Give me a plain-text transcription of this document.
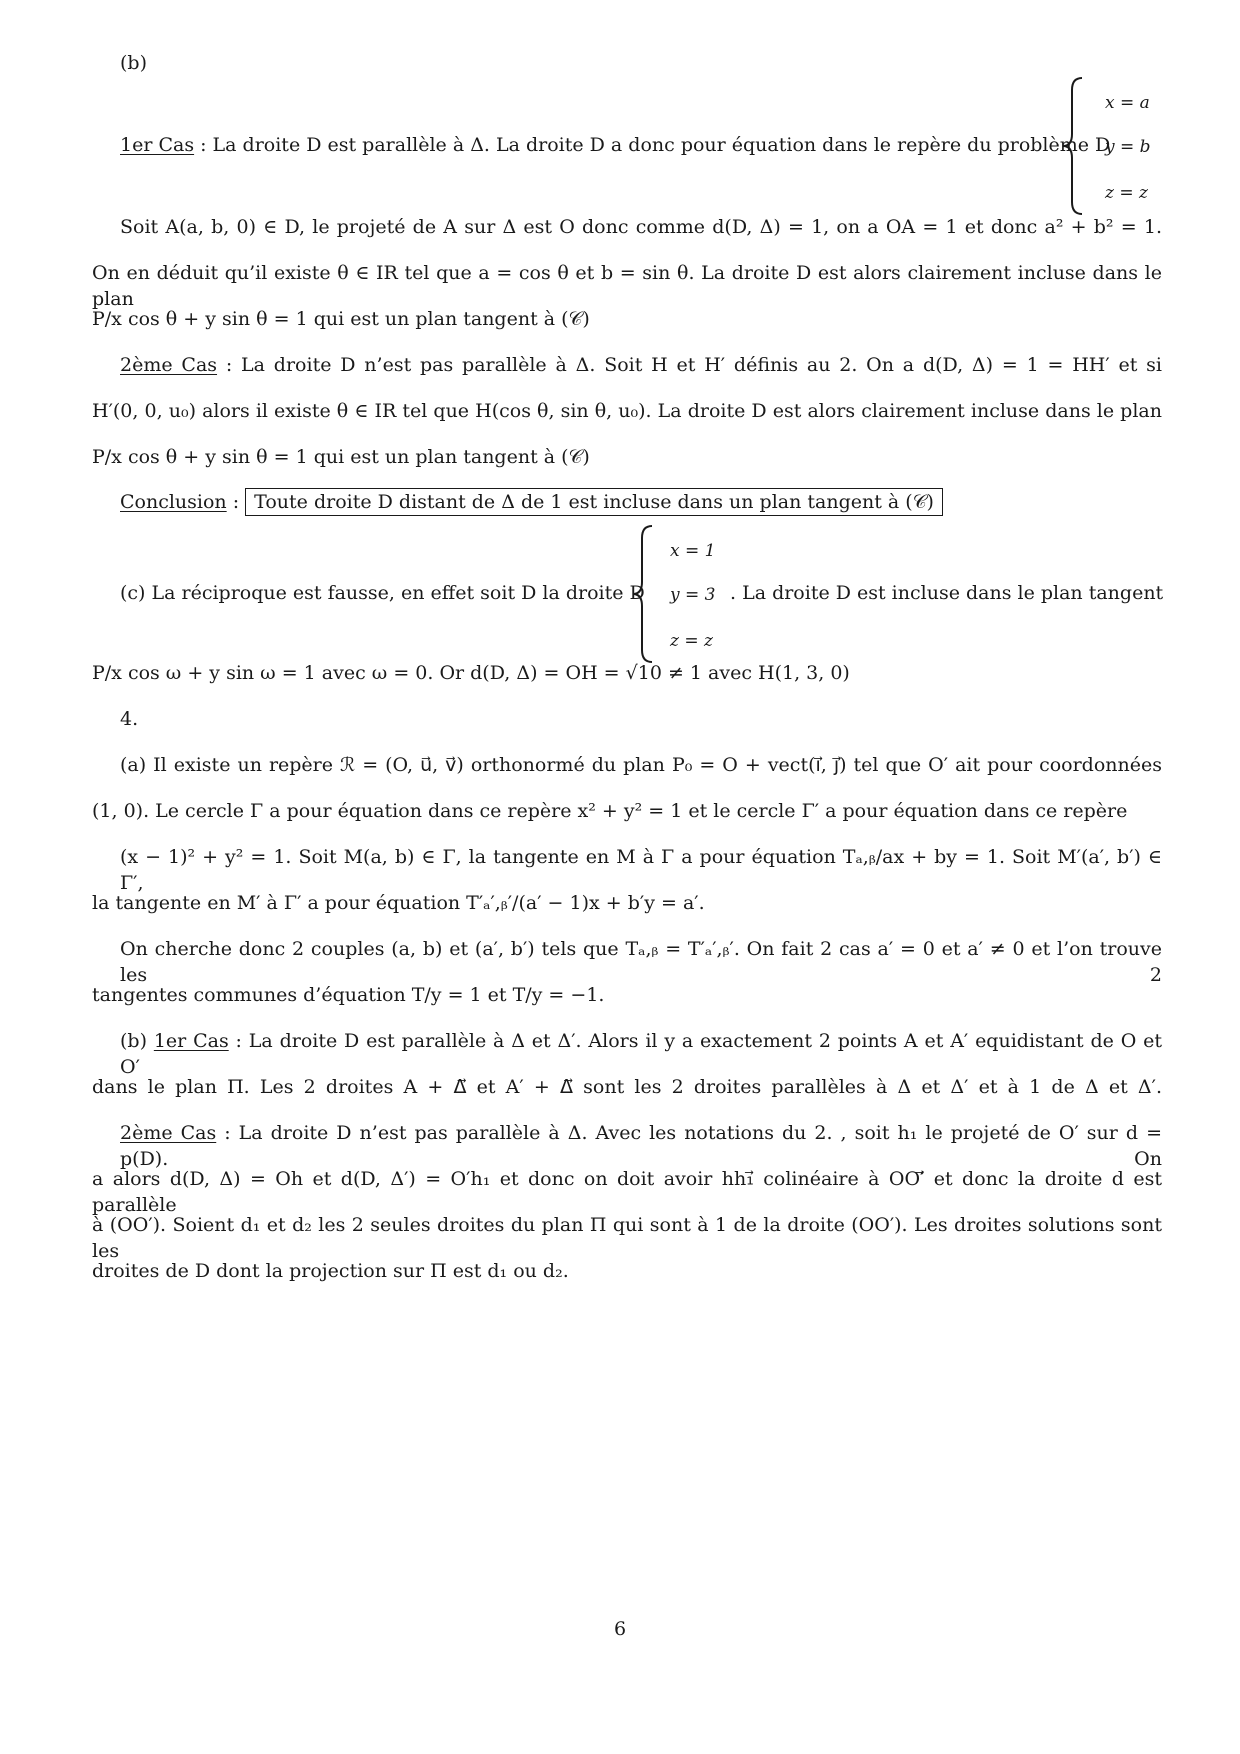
(b)
1er Cas : La droite D est parallèle à Δ. La droite D a donc pour équation dans le repère du problème D
x = a
y = b
z = z
Soit A(a, b, 0) ∈ D, le projeté de A sur Δ est O donc comme d(D, Δ) = 1, on a OA = 1 et donc a² + b² = 1.
On en déduit qu’il existe θ ∈ IR tel que a = cos θ et b = sin θ. La droite D est alors clairement incluse dans le plan
P/x cos θ + y sin θ = 1 qui est un plan tangent à (𝒞)
2ème Cas : La droite D n’est pas parallèle à Δ. Soit H et H′ définis au 2. On a d(D, Δ) = 1 = HH′ et si
H′(0, 0, u₀) alors il existe θ ∈ IR tel que H(cos θ, sin θ, u₀). La droite D est alors clairement incluse dans le plan
P/x cos θ + y sin θ = 1 qui est un plan tangent à (𝒞)
Conclusion : Toute droite D distant de Δ de 1 est incluse dans un plan tangent à (𝒞)
(c) La réciproque est fausse, en effet soit D la droite D
x = 1
y = 3
z = z
. La droite D est incluse dans le plan tangent
P/x cos ω + y sin ω = 1 avec ω = 0. Or d(D, Δ) = OH = √10 ≠ 1 avec H(1, 3, 0)
4.
(a) Il existe un repère ℛ = (O, u⃗, v⃗) orthonormé du plan P₀ = O + vect(i⃗, j⃗) tel que O′ ait pour coordonnées
(1, 0). Le cercle Γ a pour équation dans ce repère x² + y² = 1 et le cercle Γ′ a pour équation dans ce repère
(x − 1)² + y² = 1. Soit M(a, b) ∈ Γ, la tangente en M à Γ a pour équation Tₐ,ᵦ/ax + by = 1. Soit M′(a′, b′) ∈ Γ′,
la tangente en M′ à Γ′ a pour équation T′ₐ′,ᵦ′/(a′ − 1)x + b′y = a′.
On cherche donc 2 couples (a, b) et (a′, b′) tels que Tₐ,ᵦ = T′ₐ′,ᵦ′. On fait 2 cas a′ = 0 et a′ ≠ 0 et l’on trouve les 2
tangentes communes d’équation T/y = 1 et T/y = −1.
(b) 1er Cas : La droite D est parallèle à Δ et Δ′. Alors il y a exactement 2 points A et A′ equidistant de O et O′
dans le plan Π. Les 2 droites A + Δ⃗ et A′ + Δ⃗ sont les 2 droites parallèles à Δ et Δ′ et à 1 de Δ et Δ′.
2ème Cas : La droite D n’est pas parallèle à Δ. Avec les notations du 2. , soit h₁ le projeté de O′ sur d = p(D). On
a alors d(D, Δ) = Oh et d(D, Δ′) = O′h₁ et donc on doit avoir hh₁⃗ colinéaire à OO′⃗ et donc la droite d est parallèle
à (OO′). Soient d₁ et d₂ les 2 seules droites du plan Π qui sont à 1 de la droite (OO′). Les droites solutions sont les
droites de D dont la projection sur Π est d₁ ou d₂.
6
